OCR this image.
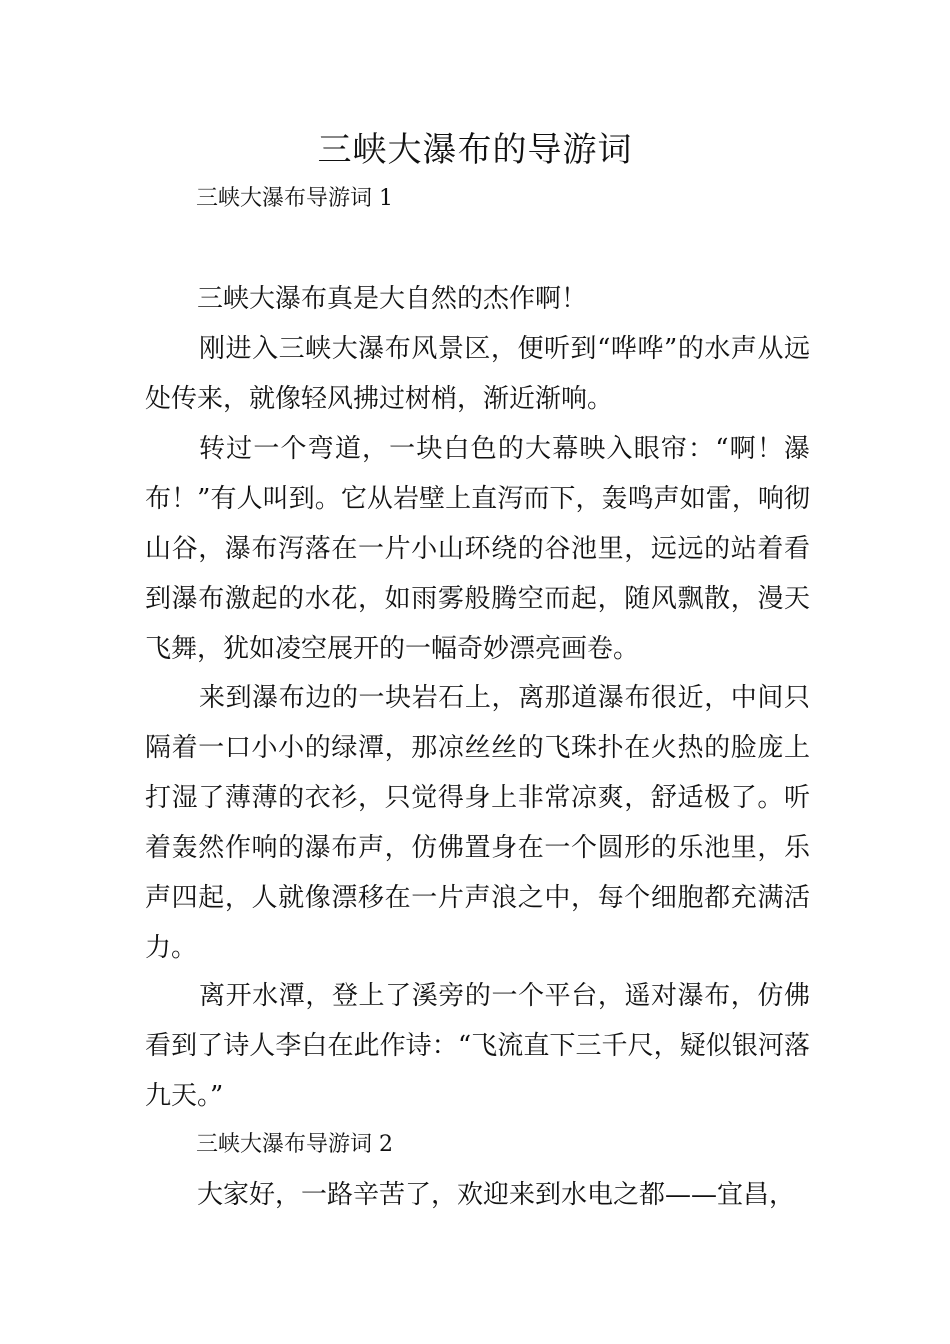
三峡大瀑布的导游词

三峡大瀑布导游词 1

三峡大瀑布真是大自然的杰作啊！

刚进入三峡大瀑布风景区，便听到“哗哗”的水声从远处传来，就像轻风拂过树梢，渐近渐响。

转过一个弯道，一块白色的大幕映入眼帘：“啊！瀑布！”有人叫到。它从岩壁上直泻而下，轰鸣声如雷，响彻山谷，瀑布泻落在一片小山环绕的谷池里，远远的站着看到瀑布激起的水花，如雨雾般腾空而起，随风飘散，漫天飞舞，犹如凌空展开的一幅奇妙漂亮画卷。

来到瀑布边的一块岩石上，离那道瀑布很近，中间只隔着一口小小的绿潭，那凉丝丝的飞珠扑在火热的脸庞上打湿了薄薄的衣衫，只觉得身上非常凉爽，舒适极了。听着轰然作响的瀑布声，仿佛置身在一个圆形的乐池里，乐声四起，人就像漂移在一片声浪之中，每个细胞都充满活力。

离开水潭，登上了溪旁的一个平台，遥对瀑布，仿佛看到了诗人李白在此作诗：“飞流直下三千尺，疑似银河落九天。”

三峡大瀑布导游词 2

大家好，一路辛苦了，欢迎来到水电之都——宜昌，
